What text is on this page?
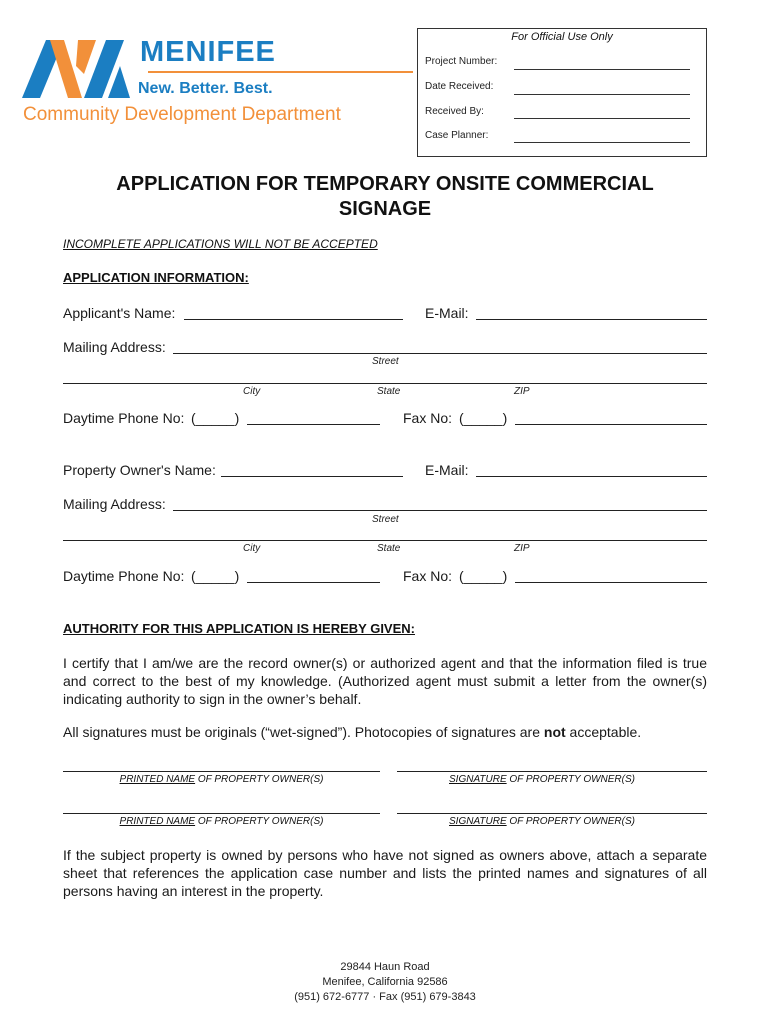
MENIFEE
New. Better. Best.
Community Development Department
For Official Use Only
Project Number:
Date Received:
Received By:
Case Planner:
APPLICATION FOR TEMPORARY ONSITE COMMERCIAL
SIGNAGE
INCOMPLETE APPLICATIONS WILL NOT BE ACCEPTED
APPLICATION INFORMATION:
Applicant's Name:	E-Mail:
Mailing Address:
Street
City	State	ZIP
Daytime Phone No: (_____)	Fax No: (_____)
Property Owner's Name:	E-Mail:
Mailing Address:
Street
City	State	ZIP
Daytime Phone No: (_____)	Fax No: (_____)
AUTHORITY FOR THIS APPLICATION IS HEREBY GIVEN:
I certify that I am/we are the record owner(s) or authorized agent and that the information filed is true and correct to the best of my knowledge. (Authorized agent must submit a letter from the owner(s) indicating authority to sign in the owner’s behalf.
All signatures must be originals (“wet-signed”). Photocopies of signatures are not acceptable.
PRINTED NAME OF PROPERTY OWNER(S)	SIGNATURE OF PROPERTY OWNER(S)
PRINTED NAME OF PROPERTY OWNER(S)	SIGNATURE OF PROPERTY OWNER(S)
If the subject property is owned by persons who have not signed as owners above, attach a separate sheet that references the application case number and lists the printed names and signatures of all persons having an interest in the property.
29844 Haun Road
Menifee, California 92586
(951) 672-6777 · Fax (951) 679-3843
